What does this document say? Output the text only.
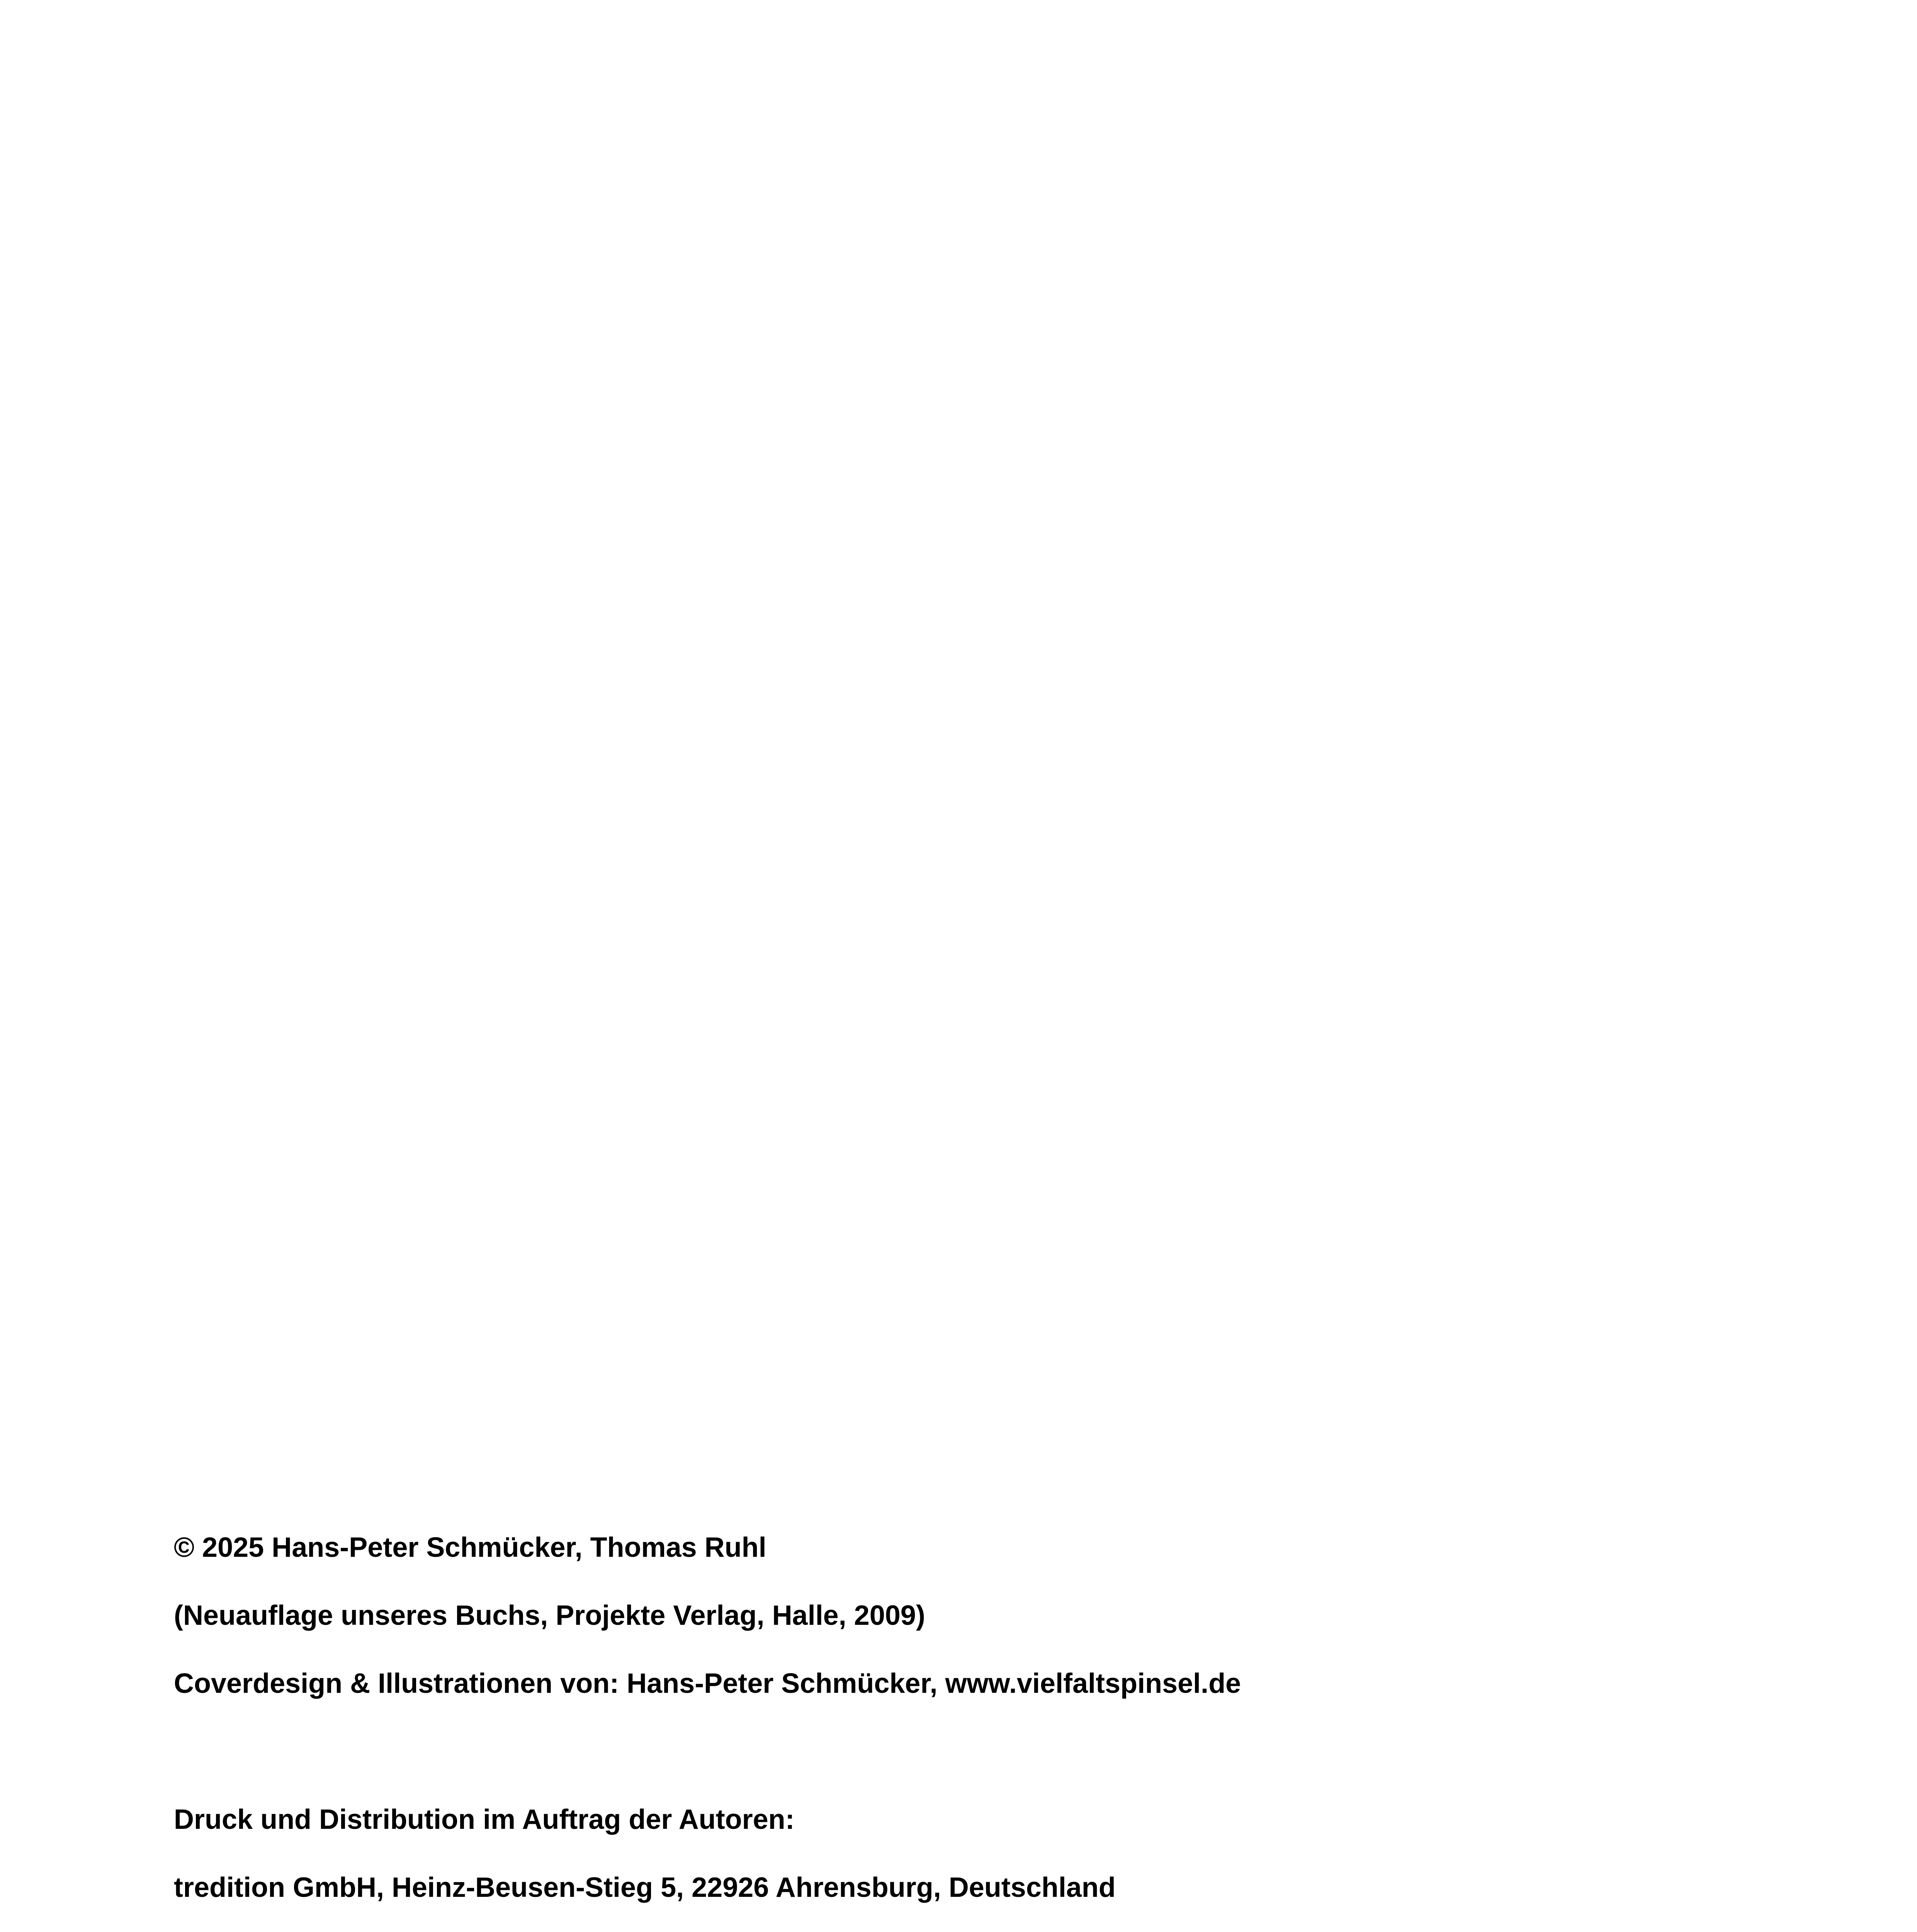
© 2025 Hans-Peter Schmücker, Thomas Ruhl
(Neuauflage unseres Buchs, Projekte Verlag, Halle, 2009)
Coverdesign & Illustrationen von: Hans-Peter Schmücker, www.vielfaltspinsel.de
Druck und Distribution im Auftrag der Autoren:
tredition GmbH, Heinz-Beusen-Stieg 5, 22926 Ahrensburg, Deutschland
